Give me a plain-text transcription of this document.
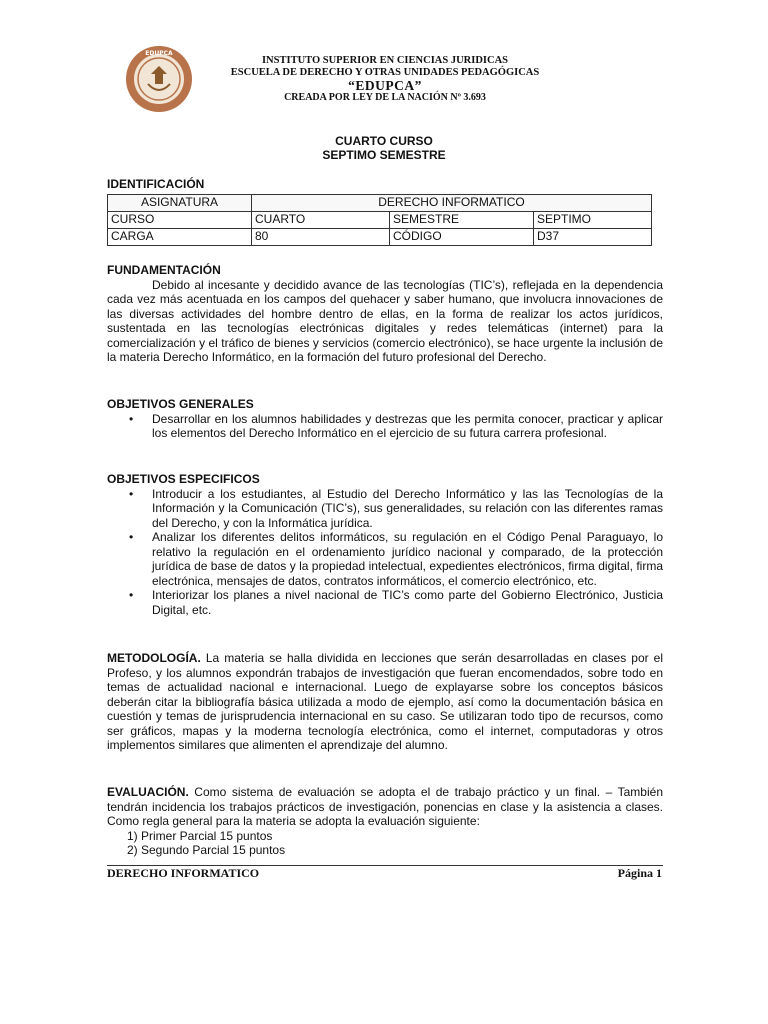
EDUPCA
INSTITUTO SUPERIOR EN CIENCIAS JURIDICAS
ESCUELA DE DERECHO Y OTRAS UNIDADES PEDAGÓGICAS
“EDUPCA”
CREADA POR LEY DE LA NACIÓN Nº 3.693
CUARTO CURSO
SEPTIMO SEMESTRE
IDENTIFICACIÓN
ASIGNATURA	DERECHO INFORMATICO		
CURSO	CUARTO	SEMESTRE	SEPTIMO
CARGA	80	CÓDIGO	D37
FUNDAMENTACIÓN

Debido al incesante y decidido avance de las tecnologías (TIC’s), reflejada en la dependencia cada vez más acentuada en los campos del quehacer y saber humano, que involucra innovaciones de las diversas actividades del hombre dentro de ellas, en la forma de realizar los actos jurídicos, sustentada en las tecnologías electrónicas digitales y redes telemáticas (internet) para la comercialización y el tráfico de bienes y servicios (comercio electrónico), se hace urgente la inclusión de la materia Derecho Informático, en la formación del futuro profesional del Derecho.

OBJETIVOS GENERALES
• Desarrollar en los alumnos habilidades y destrezas que les permita conocer, practicar y aplicar los elementos del Derecho Informático en el ejercicio de su futura carrera profesional.
OBJETIVOS ESPECIFICOS
• Introducir a los estudiantes, al Estudio del Derecho Informático y las las Tecnologías de la Información y la Comunicación (TIC’s), sus generalidades, su relación con las diferentes ramas del Derecho, y con la Informática jurídica.
• Analizar los diferentes delitos informáticos, su regulación en el Código Penal Paraguayo, lo relativo la regulación en el ordenamiento jurídico nacional y comparado, de la protección jurídica de base de datos y la propiedad intelectual, expedientes electrónicos, firma digital, firma electrónica, mensajes de datos, contratos informáticos, el comercio electrónico, etc.
• Interiorizar los planes a nivel nacional de TIC’s como parte del Gobierno Electrónico, Justicia Digital, etc.

METODOLOGÍA. La materia se halla dividida en lecciones que serán desarrolladas en clases por el Profeso, y los alumnos expondrán trabajos de investigación que fueran encomendados, sobre todo en temas de actualidad nacional e internacional. Luego de explayarse sobre los conceptos básicos deberán citar la bibliografía básica utilizada a modo de ejemplo, así como la documentación básica en cuestión y temas de jurisprudencia internacional en su caso. Se utilizaran todo tipo de recursos, como ser gráficos, mapas y la moderna tecnología electrónica, como el internet, computadoras y otros implementos similares que alimenten el aprendizaje del alumno.

EVALUACIÓN. Como sistema de evaluación se adopta el de trabajo práctico y un final. – También tendrán incidencia los trabajos prácticos de investigación, ponencias en clase y la asistencia a clases. Como regla general para la materia se adopta la evaluación siguiente:

1) Primer Parcial 15 puntos
2) Segundo Parcial 15 puntos
DERECHO INFORMATICO	Página 1
